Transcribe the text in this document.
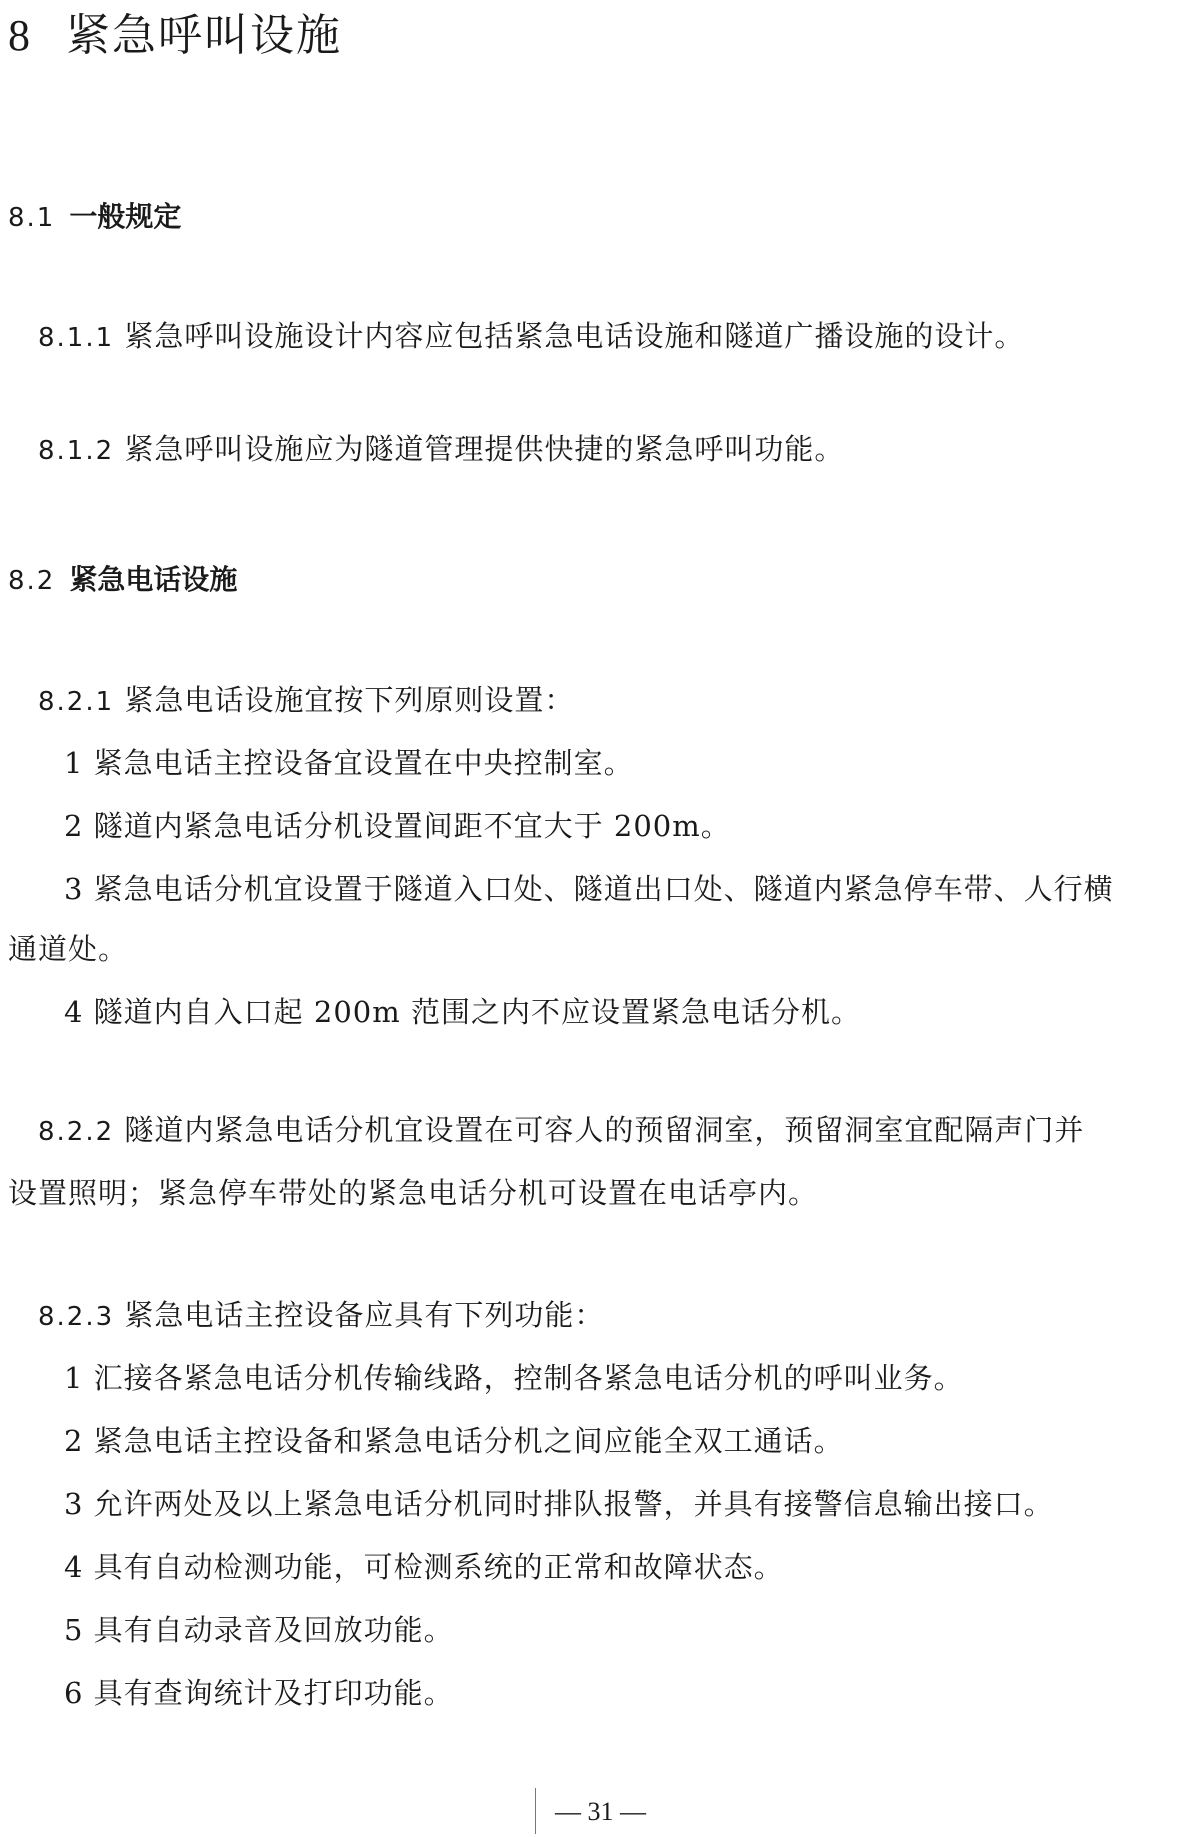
8 紧急呼叫设施
8.1 一般规定
8.1.1 紧急呼叫设施设计内容应包括紧急电话设施和隧道广播设施的设计。
8.1.2 紧急呼叫设施应为隧道管理提供快捷的紧急呼叫功能。
8.2 紧急电话设施
8.2.1 紧急电话设施宜按下列原则设置：
1 紧急电话主控设备宜设置在中央控制室。
2 隧道内紧急电话分机设置间距不宜大于 200m。
3 紧急电话分机宜设置于隧道入口处、隧道出口处、隧道内紧急停车带、人行横
通道处。
4 隧道内自入口起 200m 范围之内不应设置紧急电话分机。
8.2.2 隧道内紧急电话分机宜设置在可容人的预留洞室，预留洞室宜配隔声门并
设置照明；紧急停车带处的紧急电话分机可设置在电话亭内。
8.2.3 紧急电话主控设备应具有下列功能：
1 汇接各紧急电话分机传输线路，控制各紧急电话分机的呼叫业务。
2 紧急电话主控设备和紧急电话分机之间应能全双工通话。
3 允许两处及以上紧急电话分机同时排队报警，并具有接警信息输出接口。
4 具有自动检测功能，可检测系统的正常和故障状态。
5 具有自动录音及回放功能。
6 具有查询统计及打印功能。
— 31 —
